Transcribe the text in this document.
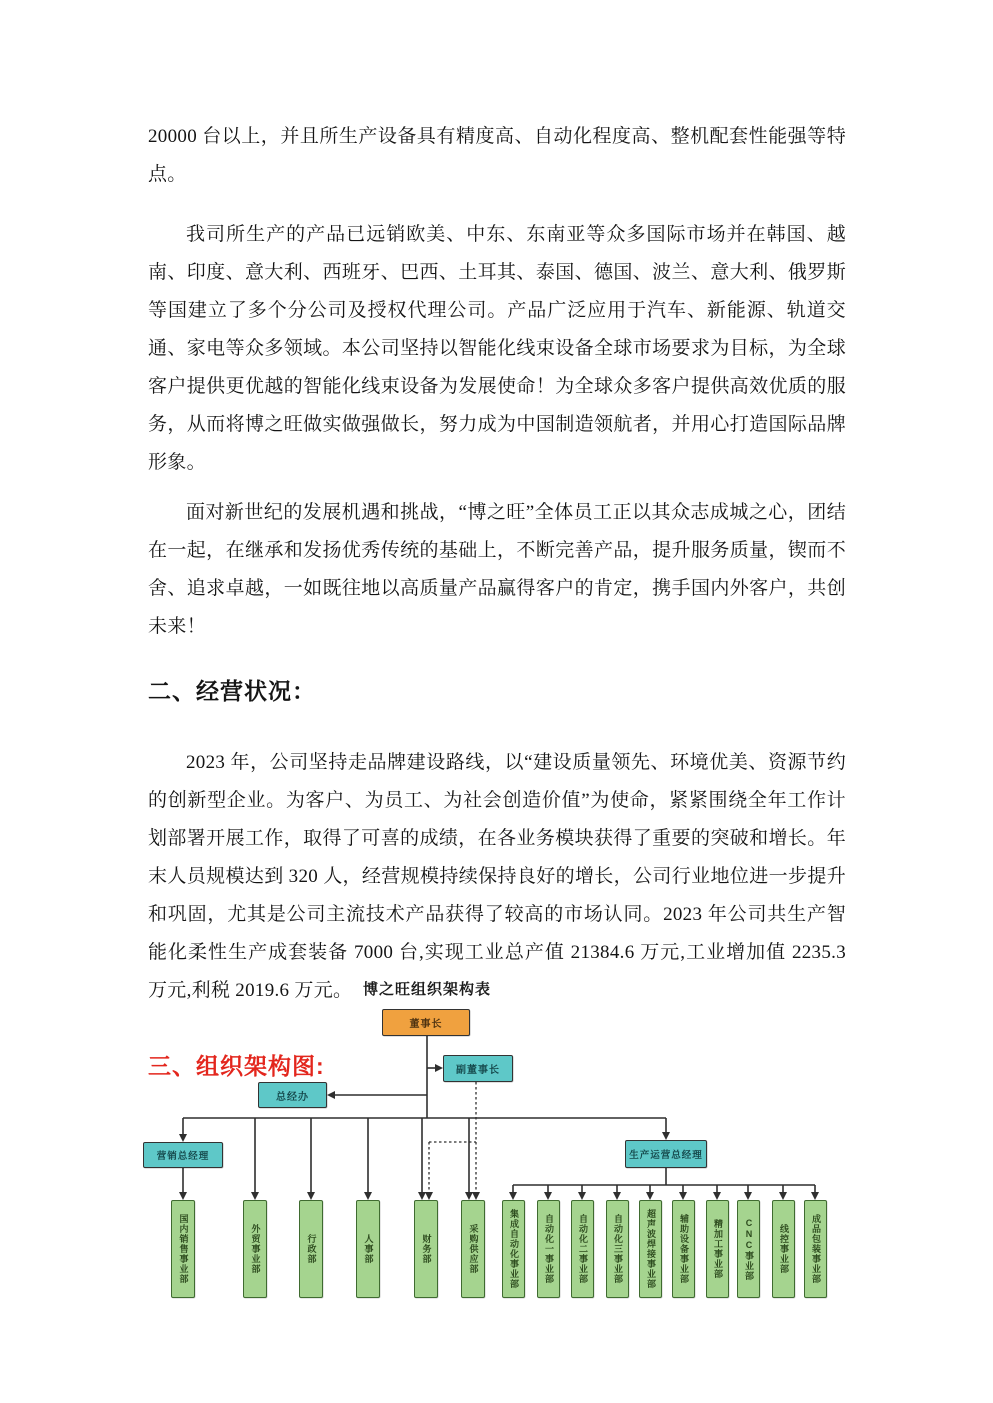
20000 台以上，并且所生产设备具有精度高、自动化程度高、整机配套性能强等特点。

我司所生产的产品已远销欧美、中东、东南亚等众多国际市场并在韩国、越南、印度、意大利、西班牙、巴西、土耳其、泰国、德国、波兰、意大利、俄罗斯等国建立了多个分公司及授权代理公司。产品广泛应用于汽车、新能源、轨道交通、家电等众多领域。本公司坚持以智能化线束设备全球市场要求为目标，为全球客户提供更优越的智能化线束设备为发展使命！为全球众多客户提供高效优质的服务，从而将博之旺做实做强做长，努力成为中国制造领航者，并用心打造国际品牌形象。

面对新世纪的发展机遇和挑战，“博之旺”全体员工正以其众志成城之心，团结在一起，在继承和发扬优秀传统的基础上，不断完善产品，提升服务质量，锲而不舍、追求卓越，一如既往地以高质量产品赢得客户的肯定，携手国内外客户，共创未来！

二、经营状况：

2023 年，公司坚持走品牌建设路线，以“建设质量领先、环境优美、资源节约的创新型企业。为客户、为员工、为社会创造价值”为使命，紧紧围绕全年工作计划部署开展工作，取得了可喜的成绩，在各业务模块获得了重要的突破和增长。年末人员规模达到 320 人，经营规模持续保持良好的增长，公司行业地位进一步提升和巩固，尤其是公司主流技术产品获得了较高的市场认同。2023 年公司共生产智能化柔性生产成套装备 7000 台,实现工业总产值 21384.6 万元,工业增加值 2235.3 万元,利税 2019.6 万元。

三、组织架构图:
博之旺组织架构表
董事长
副董事长
总经办
营销总经理	生产运营总经理
国内销售事业部	外贸事业部	行政部	人事部	财务部	采购供应部	集成自动化事业部	自动化一事业部	自动化二事业部	自动化三事业部	超声波焊接事业部	辅助设备事业部	精加工事业部	CNC事业部	线控事业部	成品包装事业部
